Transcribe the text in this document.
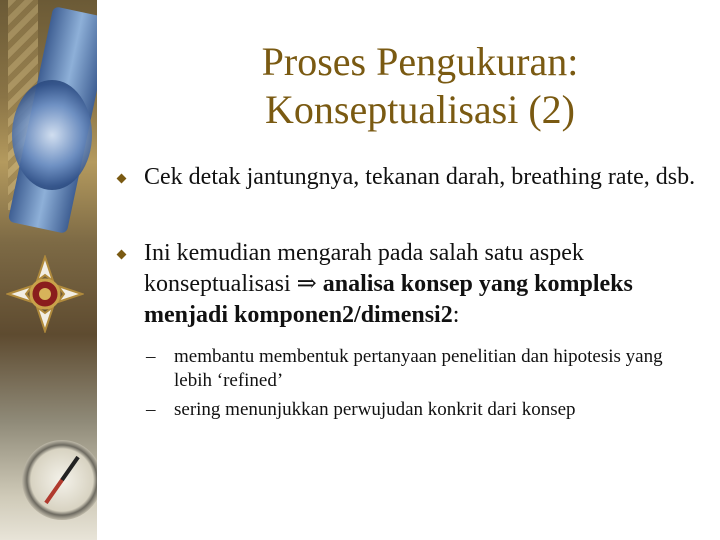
Proses Pengukuran:
Konseptualisasi (2)
Cek detak jantungnya, tekanan darah, breathing rate, dsb.
Ini kemudian mengarah pada salah satu aspek konseptualisasi ⇒ analisa konsep yang kompleks menjadi komponen2/dimensi2:
– membantu membentuk pertanyaan penelitian dan hipotesis yang lebih ‘refined’
– sering menunjukkan perwujudan konkrit dari konsep
